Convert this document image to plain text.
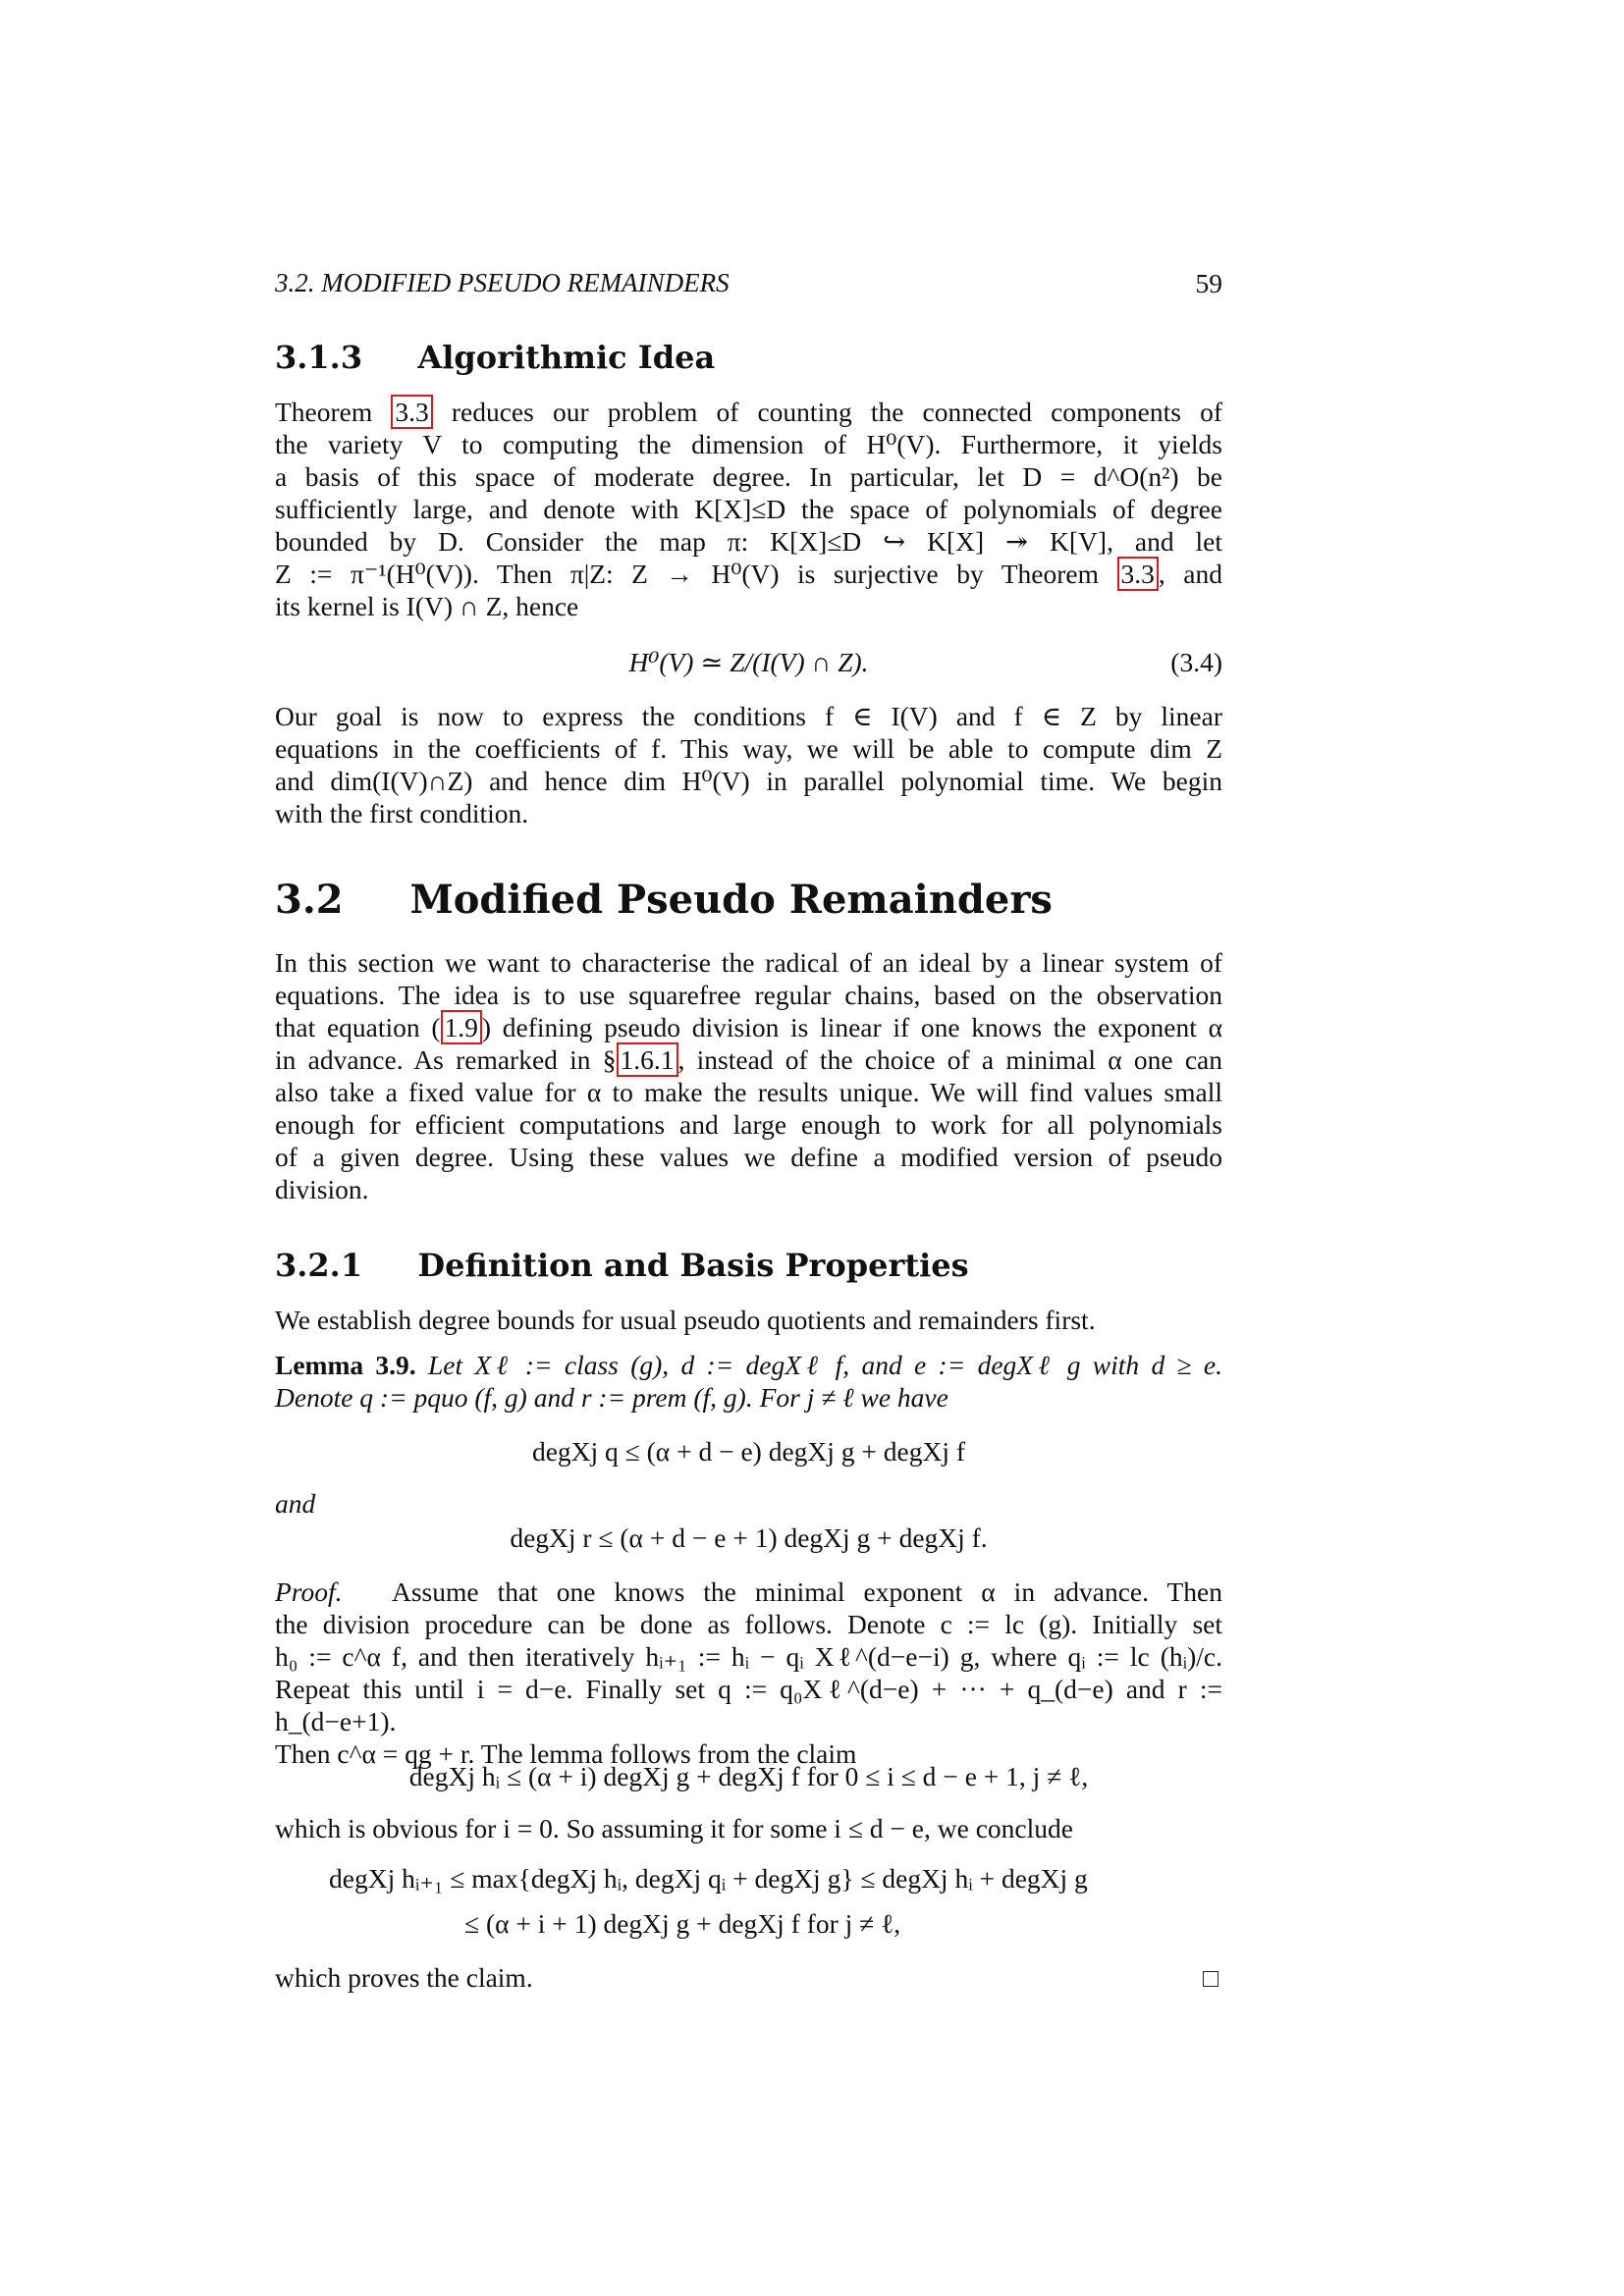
3.2. MODIFIED PSEUDO REMAINDERS	59
3.1.3 Algorithmic Idea
Theorem 3.3 reduces our problem of counting the connected components of
the variety V to computing the dimension of H⁰(V). Furthermore, it yields
a basis of this space of moderate degree. In particular, let D = d^O(n²) be
sufficiently large, and denote with K[X]≤D the space of polynomials of degree
bounded by D. Consider the map π: K[X]≤D ↪ K[X] ↠ K[V], and let
Z := π⁻¹(H⁰(V)). Then π|Z: Z → H⁰(V) is surjective by Theorem 3.3 , and
its kernel is I(V) ∩ Z, hence
H⁰(V) ≃ Z/(I(V) ∩ Z).	(3.4)
Our goal is now to express the conditions f ∈ I(V) and f ∈ Z by linear
equations in the coefficients of f. This way, we will be able to compute dim Z
and dim(I(V)∩Z) and hence dim H⁰(V) in parallel polynomial time. We begin
with the first condition.
3.2 Modified Pseudo Remainders
In this section we want to characterise the radical of an ideal by a linear system of
equations. The idea is to use squarefree regular chains, based on the observation
that equation ( 1.9 ) defining pseudo division is linear if one knows the exponent α
in advance. As remarked in § 1.6.1 , instead of the choice of a minimal α one can
also take a fixed value for α to make the results unique. We will find values small
enough for efficient computations and large enough to work for all polynomials
of a given degree. Using these values we define a modified version of pseudo
division.
3.2.1 Definition and Basis Properties
We establish degree bounds for usual pseudo quotients and remainders first.
Lemma 3.9. Let Xℓ := class (g), d := degXℓ f, and e := degXℓ g with d ≥ e.
Denote q := pquo (f, g) and r := prem (f, g). For j ≠ ℓ we have
degXj q ≤ (α + d − e) degXj g + degXj f
and
degXj r ≤ (α + d − e + 1) degXj g + degXj f.
Proof. Assume that one knows the minimal exponent α in advance. Then
the division procedure can be done as follows. Denote c := lc (g). Initially set
h₀ := c^α f, and then iteratively hᵢ₊₁ := hᵢ − qᵢ Xℓ^(d−e−i) g, where qᵢ := lc (hᵢ)/c.
Repeat this until i = d−e. Finally set q := q₀Xℓ^(d−e) + ··· + q_(d−e) and r := h_(d−e+1).
Then c^α = qg + r. The lemma follows from the claim
degXj hᵢ ≤ (α + i) degXj g + degXj f for 0 ≤ i ≤ d − e + 1, j ≠ ℓ,
which is obvious for i = 0. So assuming it for some i ≤ d − e, we conclude
degXj hᵢ₊₁ ≤ max{degXj hᵢ, degXj qᵢ + degXj g} ≤ degXj hᵢ + degXj g
≤ (α + i + 1) degXj g + degXj f for j ≠ ℓ,
which proves the claim.
